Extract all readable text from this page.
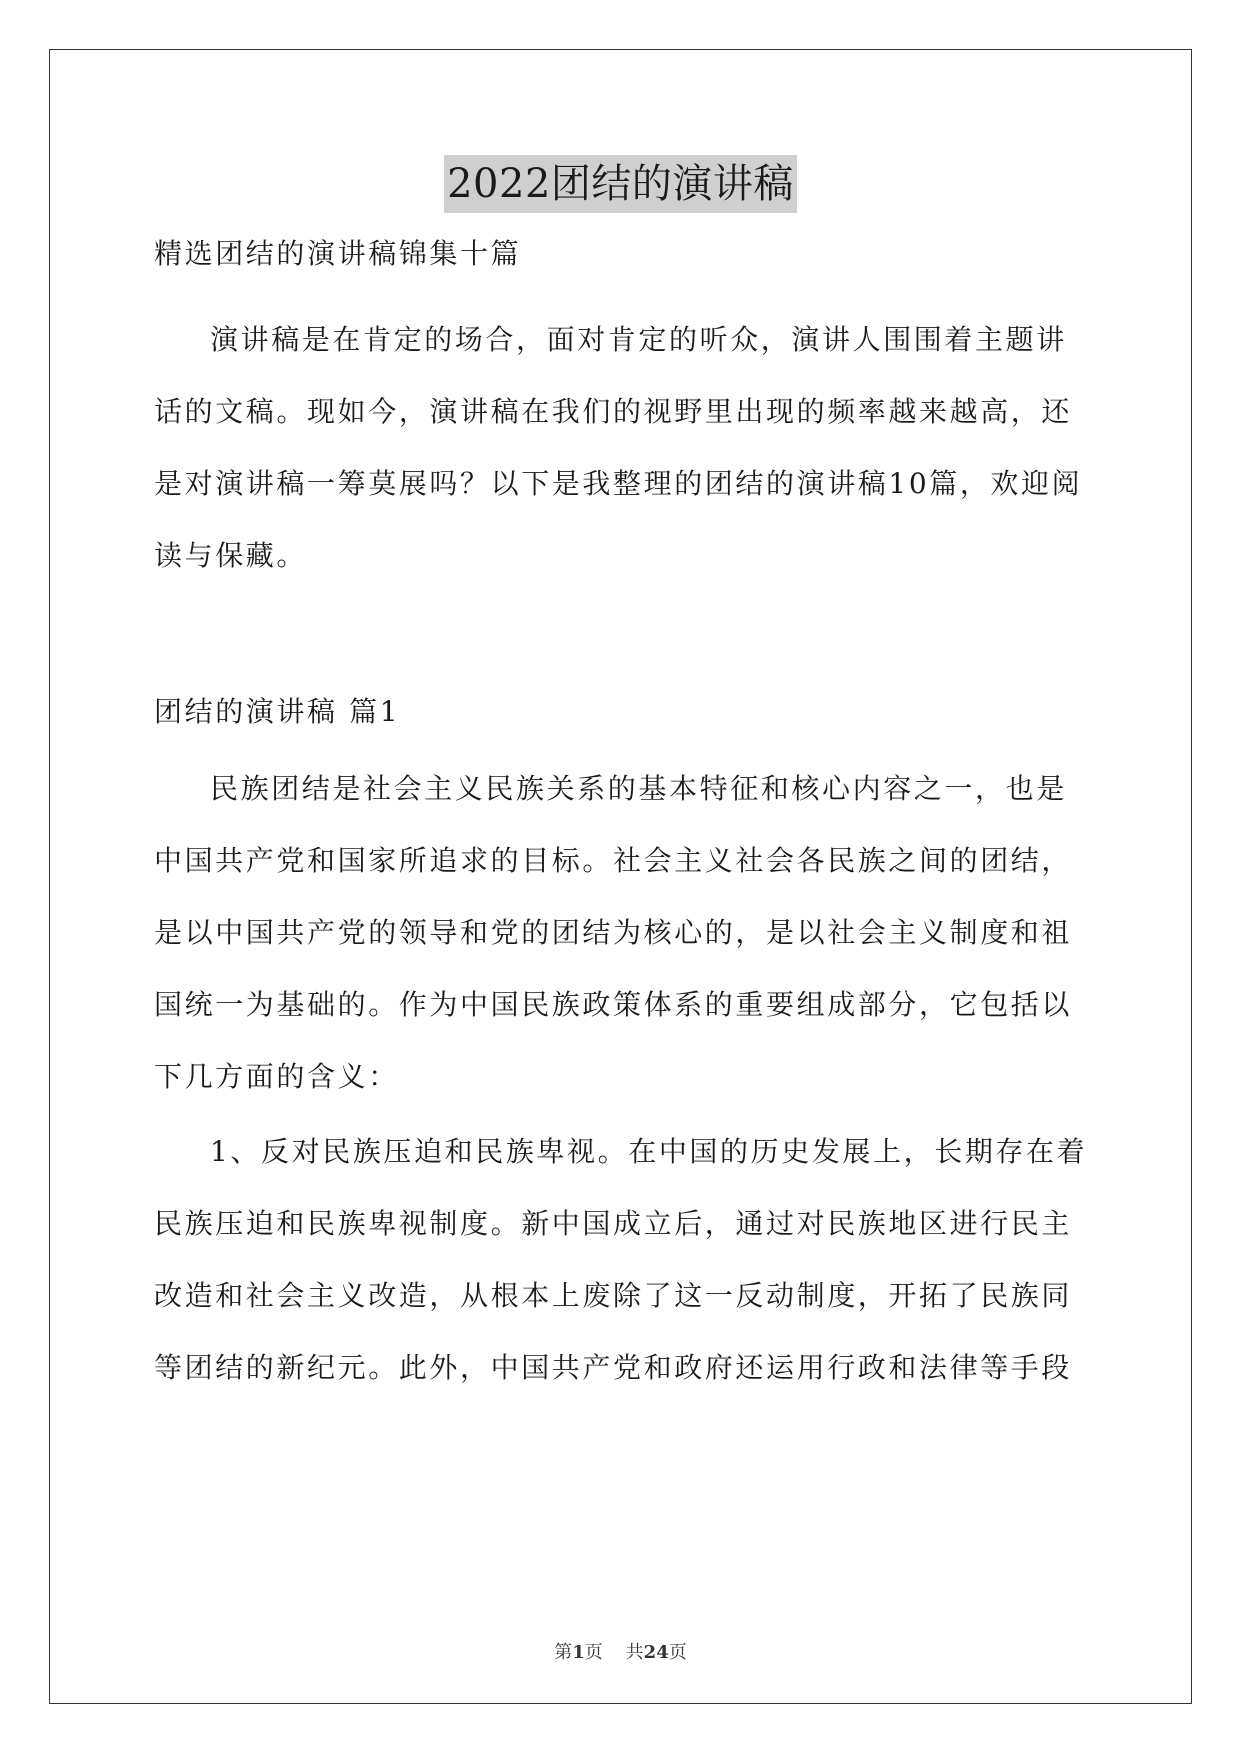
2022团结的演讲稿
精选团结的演讲稿锦集十篇
演讲稿是在肯定的场合，面对肯定的听众，演讲人围围着主题讲
话的文稿。现如今，演讲稿在我们的视野里出现的频率越来越高，还
是对演讲稿一筹莫展吗？以下是我整理的团结的演讲稿10篇，欢迎阅
读与保藏。
团结的演讲稿 篇1
民族团结是社会主义民族关系的基本特征和核心内容之一，也是
中国共产党和国家所追求的目标。社会主义社会各民族之间的团结，
是以中国共产党的领导和党的团结为核心的，是以社会主义制度和祖
国统一为基础的。作为中国民族政策体系的重要组成部分，它包括以
下几方面的含义：
1、反对民族压迫和民族卑视。在中国的历史发展上，长期存在着
民族压迫和民族卑视制度。新中国成立后，通过对民族地区进行民主
改造和社会主义改造，从根本上废除了这一反动制度，开拓了民族同
等团结的新纪元。此外，中国共产党和政府还运用行政和法律等手段
第1页    共24页
